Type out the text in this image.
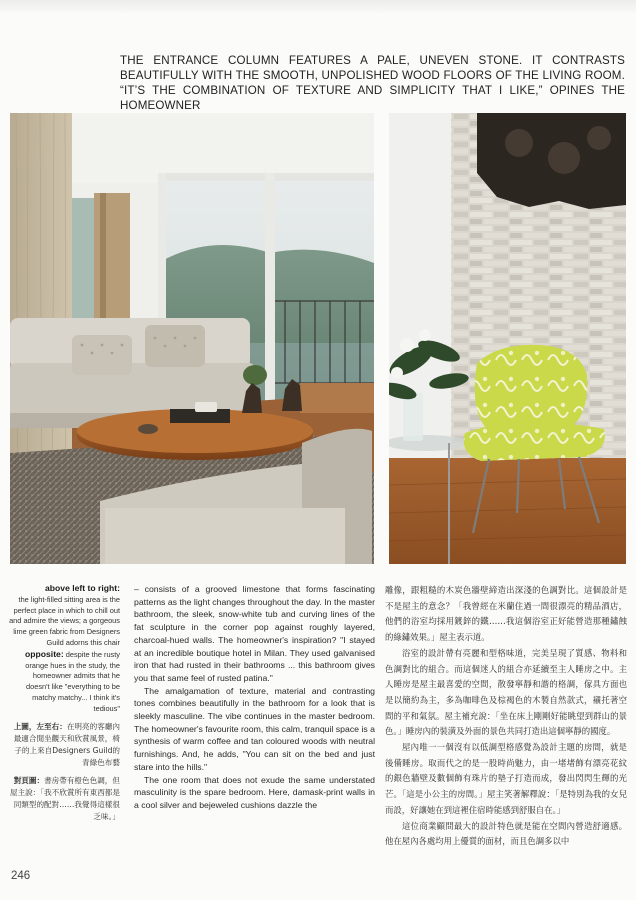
THE ENTRANCE COLUMN FEATURES A PALE, UNEVEN STONE. IT CONTRASTS BEAUTIFULLY WITH THE SMOOTH, UNPOLISHED WOOD FLOORS OF THE LIVING ROOM. “IT’S THE COMBINATION OF TEXTURE AND SIMPLICITY THAT I LIKE,” OPINES THE HOMEOWNER

above left to right:
the light-filled sitting area is the perfect place in which to chill out and admire the views; a gorgeous lime green fabric from Designers Guild adorns this chair

opposite: despite the rusty orange hues in the study, the homeowner admits that he doesn't like "everything to be matchy matchy... I think it's tedious"

上圖，左至右：在明亮的客廳內最適合閒坐觀天和欣賞風景，椅子的上來自Designers Guild的青綠色布藝

對頁圖：書房帶有橙色色調，但屋主說：「我不欣賞所有東西都是同類型的配對……我覺得這樣很乏味。」

– consists of a grooved limestone that forms fascinating patterns as the light changes throughout the day. In the master bathroom, the sleek, snow-white tub and curving lines of the fat sculpture in the corner pop against roughly layered, charcoal-hued walls. The homeowner's inspiration? "I stayed at an incredible boutique hotel in Milan. They used galvanised iron that had rusted in their bathrooms ... this bathroom gives you that same feel of rusted patina."

The amalgamation of texture, material and contrasting tones combines beautifully in the bathroom for a look that is sleekly masculine. The vibe continues in the master bedroom. The homeowner's favourite room, this calm, tranquil space is a synthesis of warm coffee and tan coloured woods with neutral furnishings. And, he adds, "You can sit on the bed and just stare into the hills."

The one room that does not exude the same understated masculinity is the spare bedroom. Here, damask-print walls in a cool silver and bejeweled cushions dazzle the

雕像，跟粗糙的木炭色牆壁締造出深淺的色調對比。這個設計是不是屋主的意念？「我曾經在米蘭住過一間很漂亮的精品酒店，他們的浴室均採用鍍鋅的鐵……我這個浴室正好能營造那種鏽蝕的綠鏽效果。」屋主表示道。

浴室的設計帶有亮麗和型格味道，完美呈現了質感、物料和色調對比的組合。而這個迷人的組合亦延續至主人睡房之中。主人睡房是屋主最喜愛的空間，散發寧靜和諧的格調，傢具方面也是以簡約為主，多為咖啡色及棕褐色的木製自然款式，襯托著空間的平和氣氛。屋主補充說：「坐在床上剛剛好能眺望到群山的景色。」睡房內的裝潢及外面的景色共同打造出這個寧靜的國度。

屋內唯一一個沒有以低調型格感覺為設計主題的房間，就是後備睡房。取而代之的是一股時尚魅力，由一堵堵飾有漂亮花紋的銀色牆壁及數個飾有珠片的墊子打造而成，發出閃閃生輝的光芒。「這是小公主的房間。」屋主笑著解釋說：「是特別為我的女兒而設，好讓她在到這裡住宿時能感到舒服自在。」

這位商業顧問最大的設計特色就是能在空間內營造舒適感。他在屋內各處均用上優質的面材，而且色調多以中

246
